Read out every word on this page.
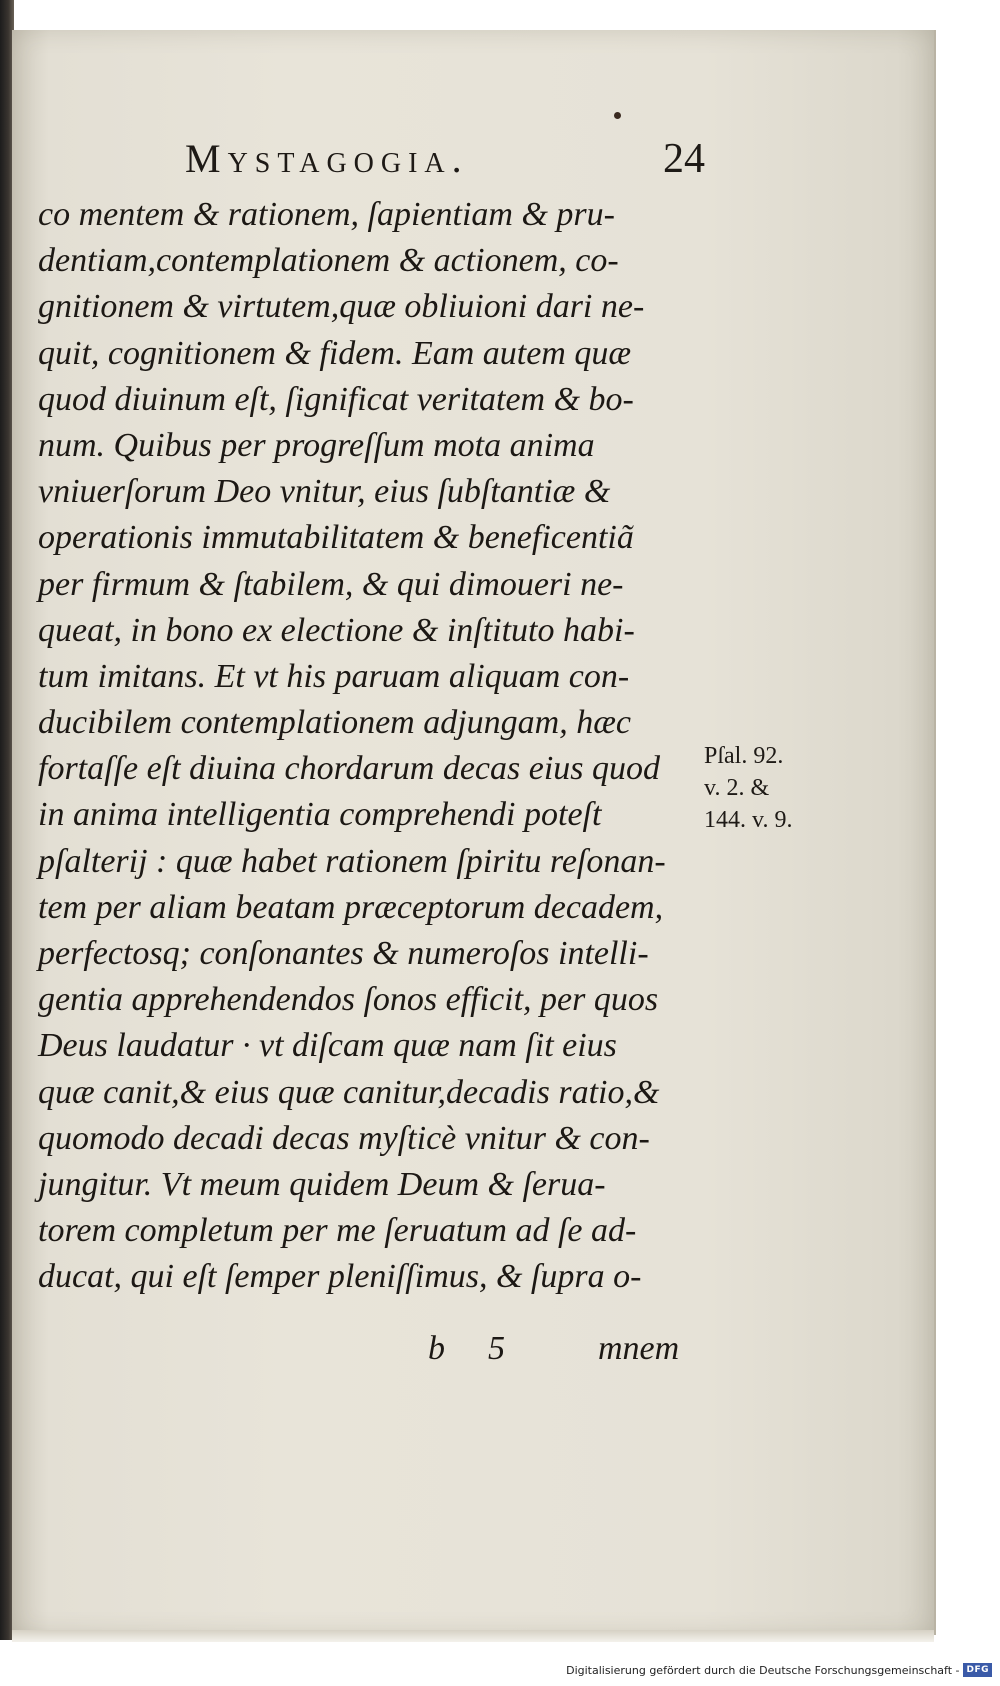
Mystagogia.	24
co mentem & rationem, ſapientiam & pru-
dentiam,contemplationem & actionem, co-
gnitionem & virtutem,quæ obliuioni dari ne-
quit, cognitionem & fidem. Eam autem quæ
quod diuinum eſt, ſignificat veritatem & bo-
num. Quibus per progreſſum mota anima
vniuerſorum Deo vnitur, eius ſubſtantiæ &
operationis immutabilitatem & beneficentiã
per firmum & ſtabilem, & qui dimoueri ne-
queat, in bono ex electione & inſtituto habi-
tum imitans. Et vt his paruam aliquam con-
ducibilem contemplationem adjungam, hæc
fortaſſe eſt diuina chordarum decas eius quod
in anima intelligentia comprehendi poteſt
pſalterij : quæ habet rationem ſpiritu reſonan-
tem per aliam beatam præceptorum decadem,
perfectosq; conſonantes & numeroſos intelli-
gentia apprehendendos ſonos efficit, per quos
Deus laudatur · vt diſcam quæ nam ſit eius
quæ canit,& eius quæ canitur,decadis ratio,&
quomodo decadi decas myſticè vnitur & con-
jungitur. Vt meum quidem Deum & ſerua-
torem completum per me ſeruatum ad ſe ad-
ducat, qui eſt ſemper pleniſſimus, & ſupra o-
Pſal. 92.
v. 2. &
144. v. 9.
b 5	mnem
Digitalisierung gefördert durch die Deutsche Forschungsgemeinschaft - DFG
